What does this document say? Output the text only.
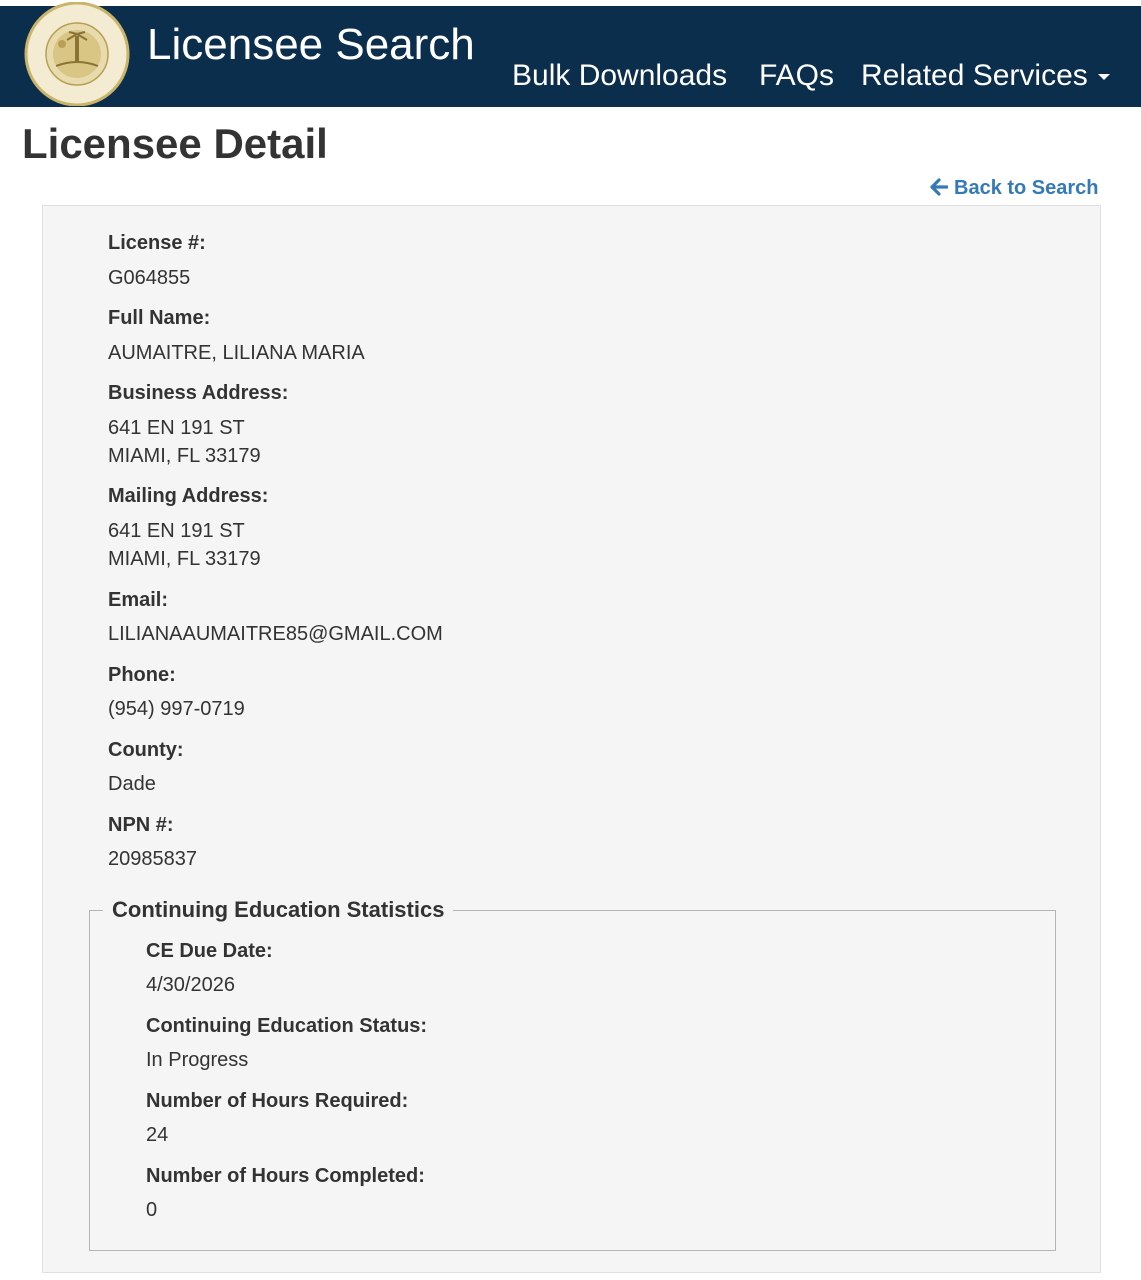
Licensee Search
Bulk Downloads FAQs Related Services
Licensee Detail
Back to Search
License #:
G064855
Full Name:
AUMAITRE, LILIANA MARIA
Business Address:
641 EN 191 ST
MIAMI, FL 33179
Mailing Address:
641 EN 191 ST
MIAMI, FL 33179
Email:
LILIANAAUMAITRE85@GMAIL.COM
Phone:
(954) 997-0719
County:
Dade
NPN #:
20985837
Continuing Education Statistics
CE Due Date:
4/30/2026
Continuing Education Status:
In Progress
Number of Hours Required:
24
Number of Hours Completed:
0
